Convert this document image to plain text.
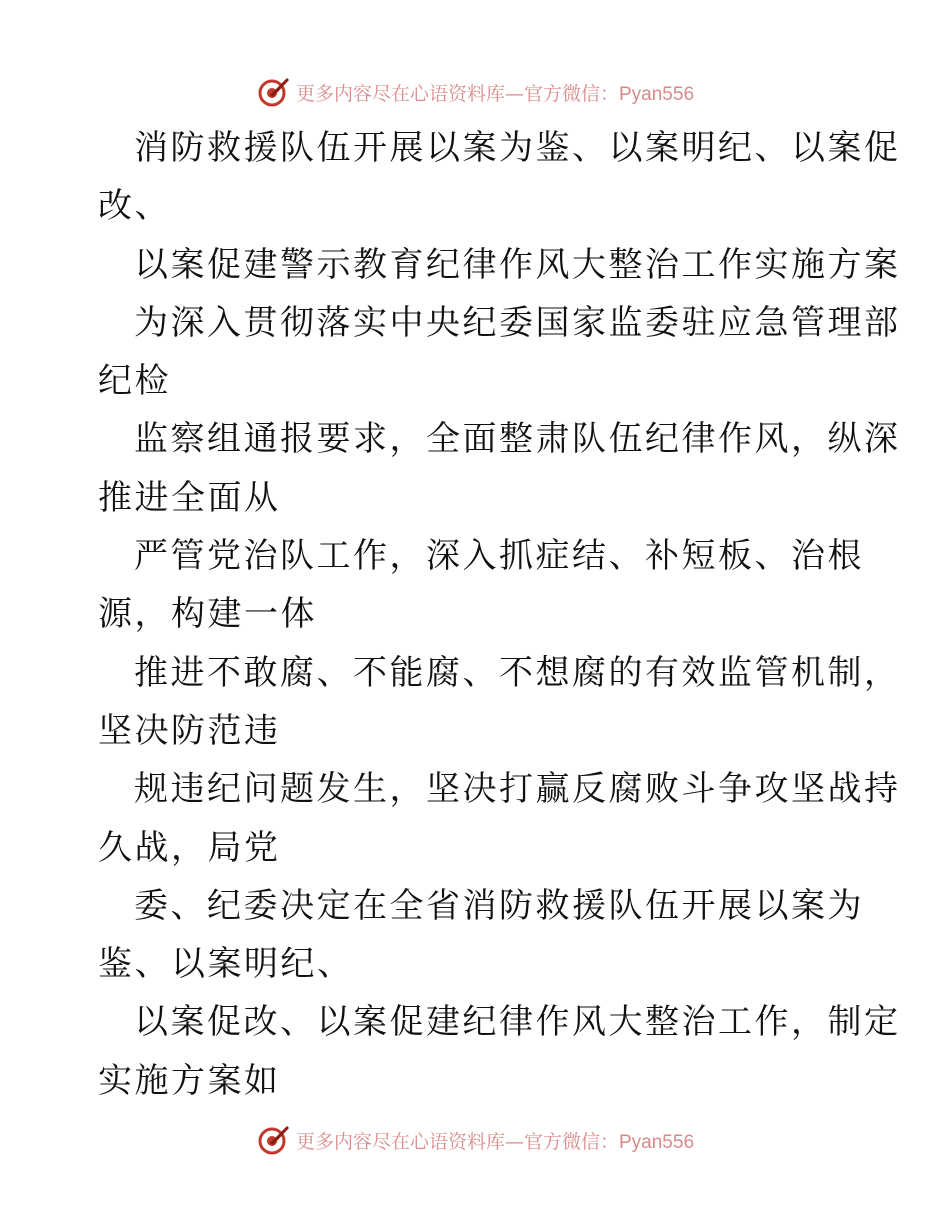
更多内容尽在心语资料库—官方微信：Pyan556

消防救援队伍开展以案为鉴、以案明纪、以案促

改、

以案促建警示教育纪律作风大整治工作实施方案

为深入贯彻落实中央纪委国家监委驻应急管理部

纪检

监察组通报要求，全面整肃队伍纪律作风，纵深

推进全面从

严管党治队工作，深入抓症结、补短板、治根

源，构建一体

推进不敢腐、不能腐、不想腐的有效监管机制，

坚决防范违

规违纪问题发生，坚决打赢反腐败斗争攻坚战持

久战，局党

委、纪委决定在全省消防救援队伍开展以案为

鉴、以案明纪、

以案促改、以案促建纪律作风大整治工作，制定

实施方案如

更多内容尽在心语资料库—官方微信：Pyan556
